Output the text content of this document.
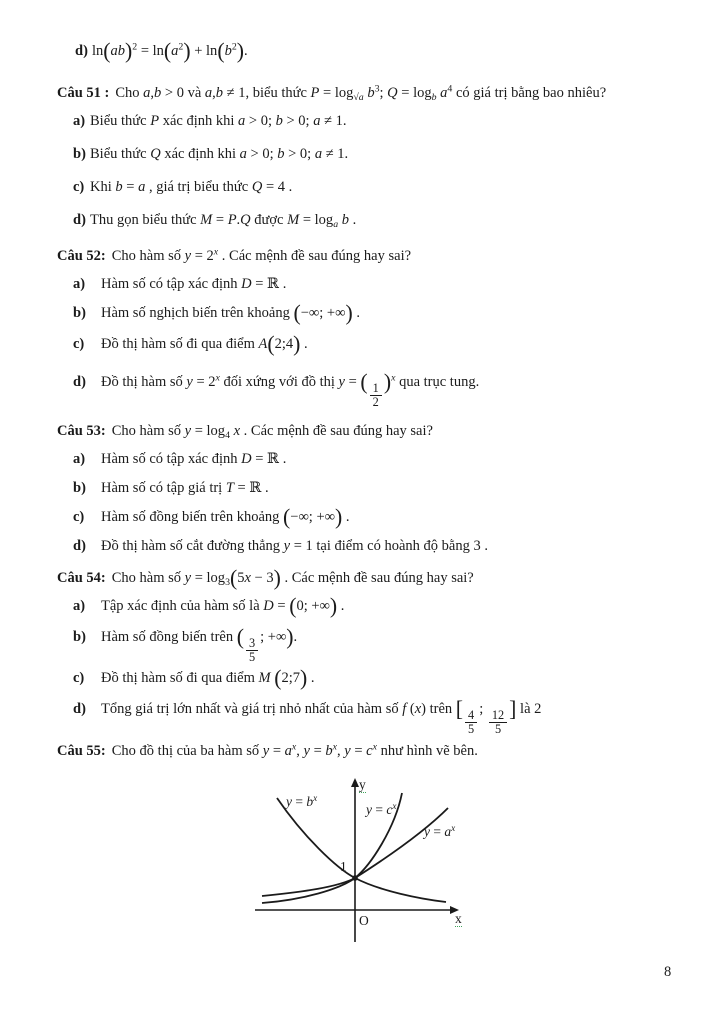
d) $\ln(ab)^2 = \ln(a^2) + \ln(b^2)$.
Câu 51 : Cho a,b > 0 và a,b ≠ 1, biểu thức $P = \log_{√a} b^3$; $Q = \log_b a^4$ có giá trị bằng bao nhiêu?
a) Biểu thức P xác định khi a > 0; b > 0; a ≠ 1.
b) Biểu thức Q xác định khi a > 0; b > 0; a ≠ 1.
c) Khi b = a , giá trị biểu thức Q = 4 .
d) Thu gọn biểu thức M = P.Q được $M = \log_a b$ .
Câu 52: Cho hàm số $y = 2^x$ . Các mệnh đề sau đúng hay sai?
a) Hàm số có tập xác định D = ℝ .
b) Hàm số nghịch biến trên khoảng (−∞; +∞) .
c) Đồ thị hàm số đi qua điểm A(2;4) .
d) Đồ thị hàm số $y = 2^x$ đối xứng với đồ thị y = (
$\frac{1}{2}$
)$^x$ qua trục tung.
Câu 53: Cho hàm số $y = \log_4 x$ . Các mệnh đề sau đúng hay sai?
a) Hàm số có tập xác định D = ℝ .
b) Hàm số có tập giá trị T = ℝ .
c) Hàm số đồng biến trên khoảng (−∞; +∞) .
d) Đồ thị hàm số cắt đường thẳng y = 1 tại điểm có hoành độ bằng 3 .
Câu 54: Cho hàm số $y = \log_3(5x - 3)$ . Các mệnh đề sau đúng hay sai?
a) Tập xác định của hàm số là D = (0; +∞) .
b) Hàm số đồng biến trên (
$\frac{3}{5}$
; +∞).
c) Đồ thị hàm số đi qua điểm M (2;7) .
d) Tổng giá trị lớn nhất và giá trị nhỏ nhất của hàm số f (x) trên [
$\frac{4}{5}$
;
$\frac{12}{5}$
] là 2
Câu 55: Cho đồ thị của ba hàm số $y = a^x$, $y = b^x$, $y = c^x$ như hình vẽ bên.
y
x
O
1
$y = b^x$
$y = c^x$
$y = a^x$
8
